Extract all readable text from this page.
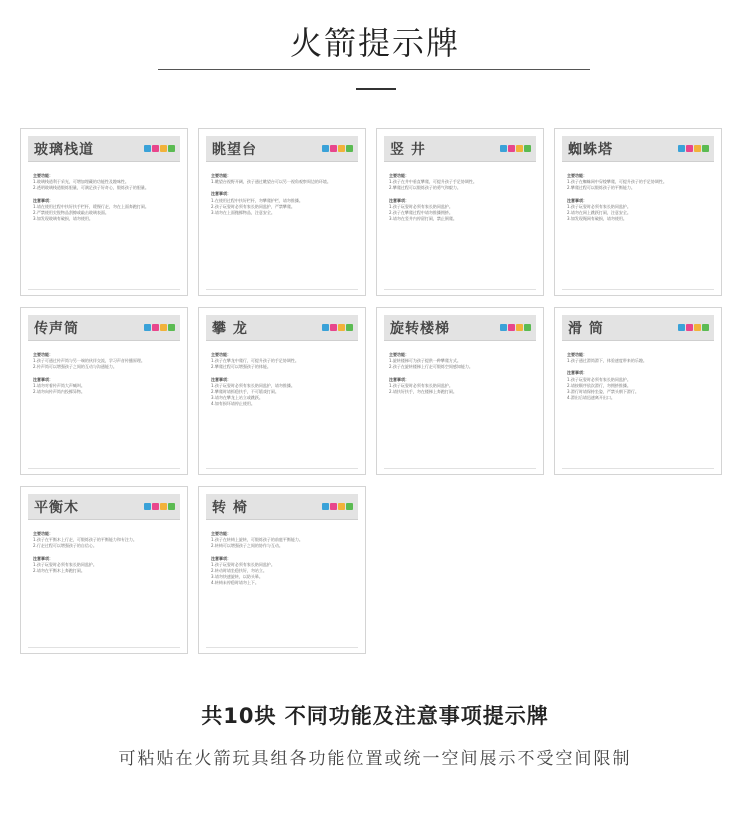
火箭提示牌
玻璃栈道

主要功能：

1.玻璃栈道利于采光，可增加埋藏的功能性及趣味性。

2.透明玻璃栈道锻炼胆量，可满足孩子好奇心，锻炼孩子的胆量。

注意事项：

1.请在使用过程中扶好扶手栏杆，缓慢行走，勿在上面奔跑打闹。

2.严禁使用尖锐物品刮擦或敲击玻璃表面。

3.如发现玻璃有破损，请勿使用。

眺望台

主要功能：

1.眺望台视野开阔，孩子通过眺望台可以另一视角观察周边的环境。

注意事项：

1.在使用过程中扶好栏杆，勿攀爬护栏，请勿推搡。

2.孩子玩耍时必须有家长陪同监护，严禁攀爬。

3.请勿在上面抛掷物品，注意安全。

竖 井

主要功能：

1.孩子在井中垂直攀爬，可提升孩子手足协调性。

2.攀爬过程可以锻炼孩子的勇气和毅力。

注意事项：

1.孩子玩耍时必须有家长陪同监护。

2.孩子在攀爬过程中请勿推搡拥挤。

3.请勿在竖井内停留打闹，禁止倒爬。

蜘蛛塔

主要功能：

1.孩子在蜘蛛网中穿梭攀爬，可提升孩子的手足协调性。

2.攀爬过程可以锻炼孩子的平衡能力。

注意事项：

1.孩子玩耍时必须有家长陪同监护。

2.请勿在网上跳跃打闹，注意安全。

3.如发现绳网有破损，请勿使用。

传声筒

主要功能：

1.孩子可通过传声筒与另一端的伙伴交流，学习声音传播原理。

2.传声筒可以增强孩子之间的互动与沟通能力。

注意事项：

1.请勿对着传声筒大声喊叫。

2.请勿向传声筒内投掷异物。

攀 龙

主要功能：

1.孩子在攀龙中爬行，可提升孩子的手足协调性。

2.攀爬过程可以增强孩子的体能。

注意事项：

1.孩子玩耍时必须有家长陪同监护，请勿推搡。

2.攀爬时请抓稳扶手，不可嬉戏打闹。

3.请勿在攀龙上站立或跳跃。

4.如有损坏请停止使用。

旋转楼梯

主要功能：

1.旋转楼梯可为孩子提供一种攀爬方式。

2.孩子在旋转楼梯上行走可锻炼空间感知能力。

注意事项：

1.孩子玩耍时必须有家长陪同监护。

2.请扶好扶手，勿在楼梯上奔跑打闹。

滑 筒

主要功能：

1.孩子通过滑筒滑下，体验速度带来的乐趣。

注意事项：

1.孩子玩耍时必须有家长陪同监护。

2.请按顺序依次滑行，勿拥挤推搡。

3.滑行时请保持坐姿，严禁头朝下滑行。

4.滑出后请迅速离开出口。

平衡木

主要功能：

1.孩子在平衡木上行走，可锻炼孩子的平衡能力和专注力。

2.行走过程可以增强孩子的自信心。

注意事项：

1.孩子玩耍时必须有家长陪同监护。

2.请勿在平衡木上奔跑打闹。

转 椅

主要功能：

1.孩子在转椅上旋转，可锻炼孩子的前庭平衡能力。

2.转椅可以增强孩子之间的协作与互动。

注意事项：

1.孩子玩耍时必须有家长陪同监护。

2.转动时请坐稳扶好，勿站立。

3.请勿快速旋转，以防头晕。

4.转椅未停稳时请勿上下。

共10块 不同功能及注意事项提示牌
可粘贴在火箭玩具组各功能位置或统一空间展示不受空间限制
